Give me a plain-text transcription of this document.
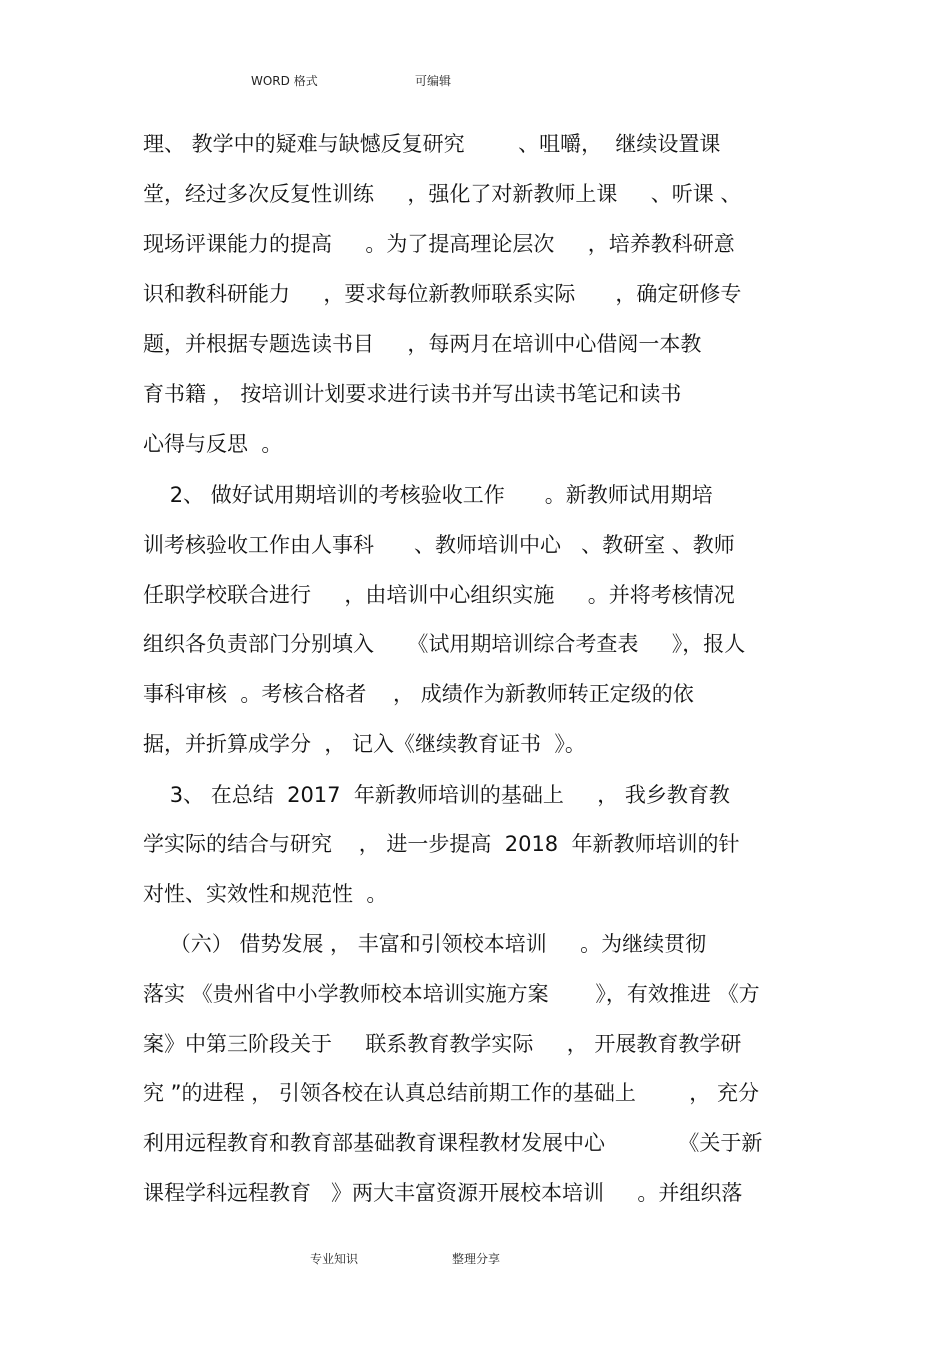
WORD 格式	可编辑
理、 教学中的疑难与缺憾反复研究        、咀嚼，  继续设置课
堂，经过多次反复性训练     ，强化了对新教师上课     、听课 、
现场评课能力的提高     。为了提高理论层次     ，培养教科研意
识和教科研能力     ，要求每位新教师联系实际      ，确定研修专
题，并根据专题选读书目     ，每两月在培训中心借阅一本教
育书籍 ， 按培训计划要求进行读书并写出读书笔记和读书
心得与反思  。
2、 做好试用期培训的考核验收工作      。新教师试用期培
训考核验收工作由人事科      、教师培训中心   、教研室 、教师
任职学校联合进行     ，由培训中心组织实施     。并将考核情况
组织各负责部门分别填入     《试用期培训综合考查表     》，报人
事科审核  。考核合格者    ， 成绩作为新教师转正定级的依
据，并折算成学分  ， 记入《继续教育证书  》。
3、 在总结  2017  年新教师培训的基础上     ， 我乡教育教
学实际的结合与研究    ， 进一步提高  2018  年新教师培训的针
对性、实效性和规范性  。
（六） 借势发展 ， 丰富和引领校本培训     。为继续贯彻
落实 《贵州省中小学教师校本培训实施方案       》，有效推进 《方
案》中第三阶段关于     联系教育教学实际     ， 开展教育教学研
究 ”的进程 ， 引领各校在认真总结前期工作的基础上        ， 充分
利用远程教育和教育部基础教育课程教材发展中心           《关于新
课程学科远程教育   》两大丰富资源开展校本培训     。并组织落
专业知识	整理分享
